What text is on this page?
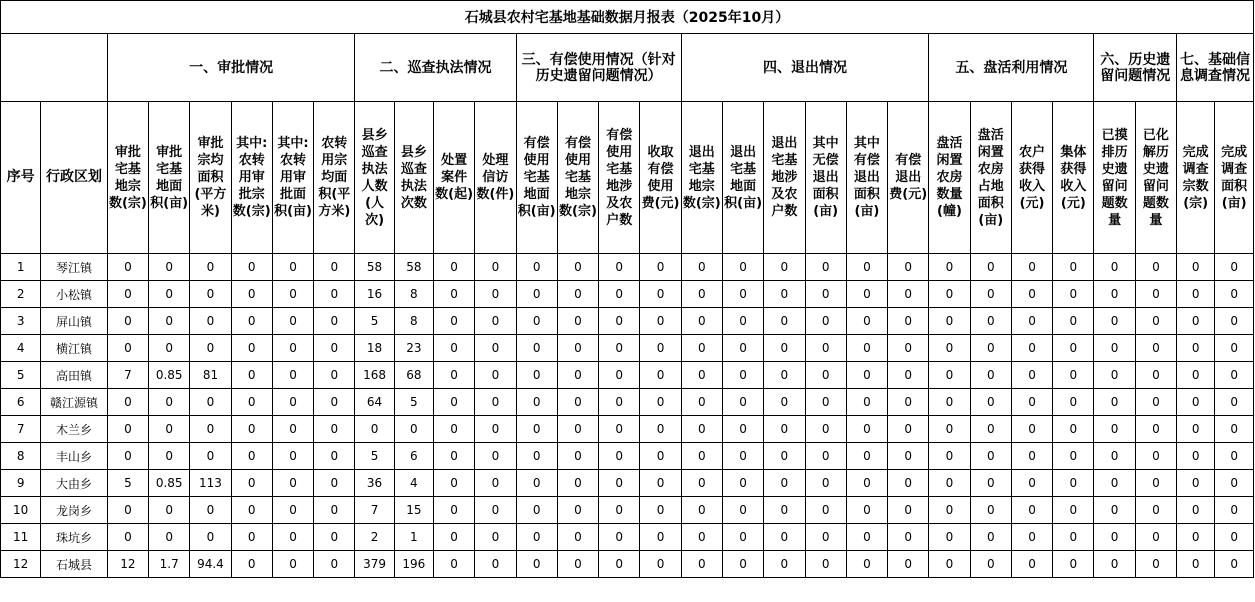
石城县农村宅基地基础数据月报表（2025年10月）																													
		一、审批情况						二、巡查执法情况				三、有偿使用情况（针对历史遗留问题情况）				四、退出情况						五、盘活利用情况				六、历史遗留问题情况		七、基础信息调查情况	
序号	行政区划	审批宅基地宗数(宗)	审批宅基地面积(亩)	审批宗均面积(平方米)	其中:农转用审批宗数(宗)	其中:农转用审批面积(亩)	农转用宗均面积(平方米)	县乡巡查执法人数(人次)	县乡巡查执法次数	处置案件数(起)	处理信访数(件)	有偿使用宅基地面积(亩)	有偿使用宅基地宗数(宗)	有偿使用宅基地涉及农户数	收取有偿使用费(元)	退出宅基地宗数(宗)	退出宅基地面积(亩)	退出宅基地涉及农户数	其中无偿退出面积(亩)	其中有偿退出面积(亩)	有偿退出费(元)	盘活闲置农房数量(幢)	盘活闲置农房占地面积(亩)	农户获得收入(元)	集体获得收入(元)	已摸排历史遗留问题数量	已化解历史遗留问题数量	完成调查宗数(宗)	完成调查面积(亩)
1	琴江镇	0	0	0	0	0	0	58	58	0	0	0	0	0	0	0	0	0	0	0	0	0	0	0	0	0	0	0	0
2	小松镇	0	0	0	0	0	0	16	8	0	0	0	0	0	0	0	0	0	0	0	0	0	0	0	0	0	0	0	0
3	屏山镇	0	0	0	0	0	0	5	8	0	0	0	0	0	0	0	0	0	0	0	0	0	0	0	0	0	0	0	0
4	横江镇	0	0	0	0	0	0	18	23	0	0	0	0	0	0	0	0	0	0	0	0	0	0	0	0	0	0	0	0
5	高田镇	7	0.85	81	0	0	0	168	68	0	0	0	0	0	0	0	0	0	0	0	0	0	0	0	0	0	0	0	0
6	赣江源镇	0	0	0	0	0	0	64	5	0	0	0	0	0	0	0	0	0	0	0	0	0	0	0	0	0	0	0	0
7	木兰乡	0	0	0	0	0	0	0	0	0	0	0	0	0	0	0	0	0	0	0	0	0	0	0	0	0	0	0	0
8	丰山乡	0	0	0	0	0	0	5	6	0	0	0	0	0	0	0	0	0	0	0	0	0	0	0	0	0	0	0	0
9	大由乡	5	0.85	113	0	0	0	36	4	0	0	0	0	0	0	0	0	0	0	0	0	0	0	0	0	0	0	0	0
10	龙岗乡	0	0	0	0	0	0	7	15	0	0	0	0	0	0	0	0	0	0	0	0	0	0	0	0	0	0	0	0
11	珠坑乡	0	0	0	0	0	0	2	1	0	0	0	0	0	0	0	0	0	0	0	0	0	0	0	0	0	0	0	0
12	石城县	12	1.7	94.4	0	0	0	379	196	0	0	0	0	0	0	0	0	0	0	0	0	0	0	0	0	0	0	0	0
